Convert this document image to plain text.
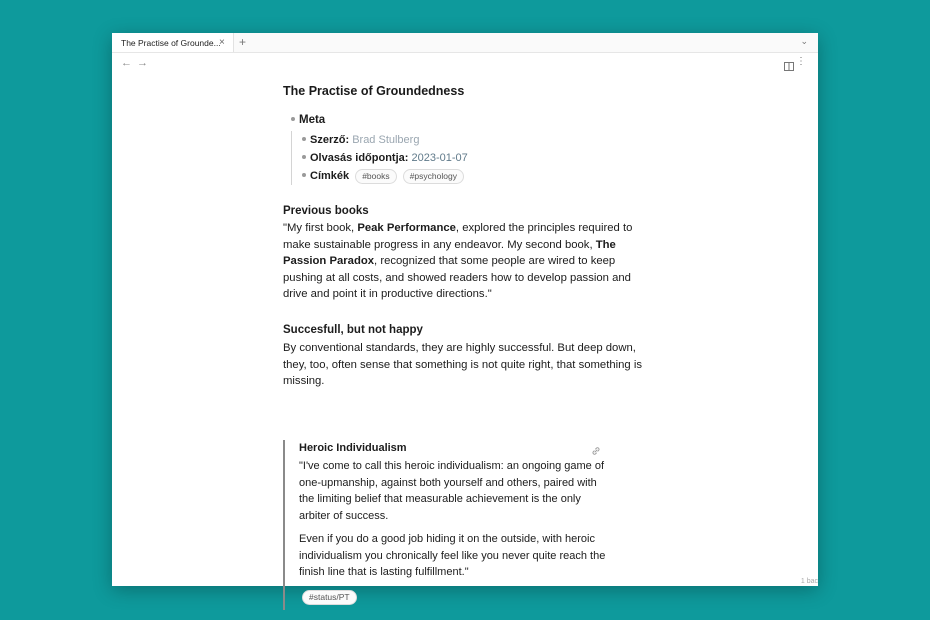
The Practise of Grounde...
× +	⌄
← →	⋮
The Practise of Groundedness
Meta
Szerző: Brad Stulberg
Olvasás időpontja: 2023-01-07
Címkék #books #psychology
Previous books
"My first book, Peak Performance, explored the principles required to make sustainable progress in any endeavor. My second book, The Passion Paradox, recognized that some people are wired to keep pushing at all costs, and showed readers how to develop passion and drive and point it in productive directions."
Succesfull, but not happy
By conventional standards, they are highly successful. But deep down, they, too, often sense that something is not quite right, that something is missing.
Heroic Individualism
"I've come to call this heroic individualism: an ongoing game of one-upmanship, against both yourself and others, paired with the limiting belief that measurable achievement is the only arbiter of success.
Even if you do a good job hiding it on the outside, with heroic individualism you chronically feel like you never quite reach the finish line that is lasting fulfillment."
#status/PT
1 bac
